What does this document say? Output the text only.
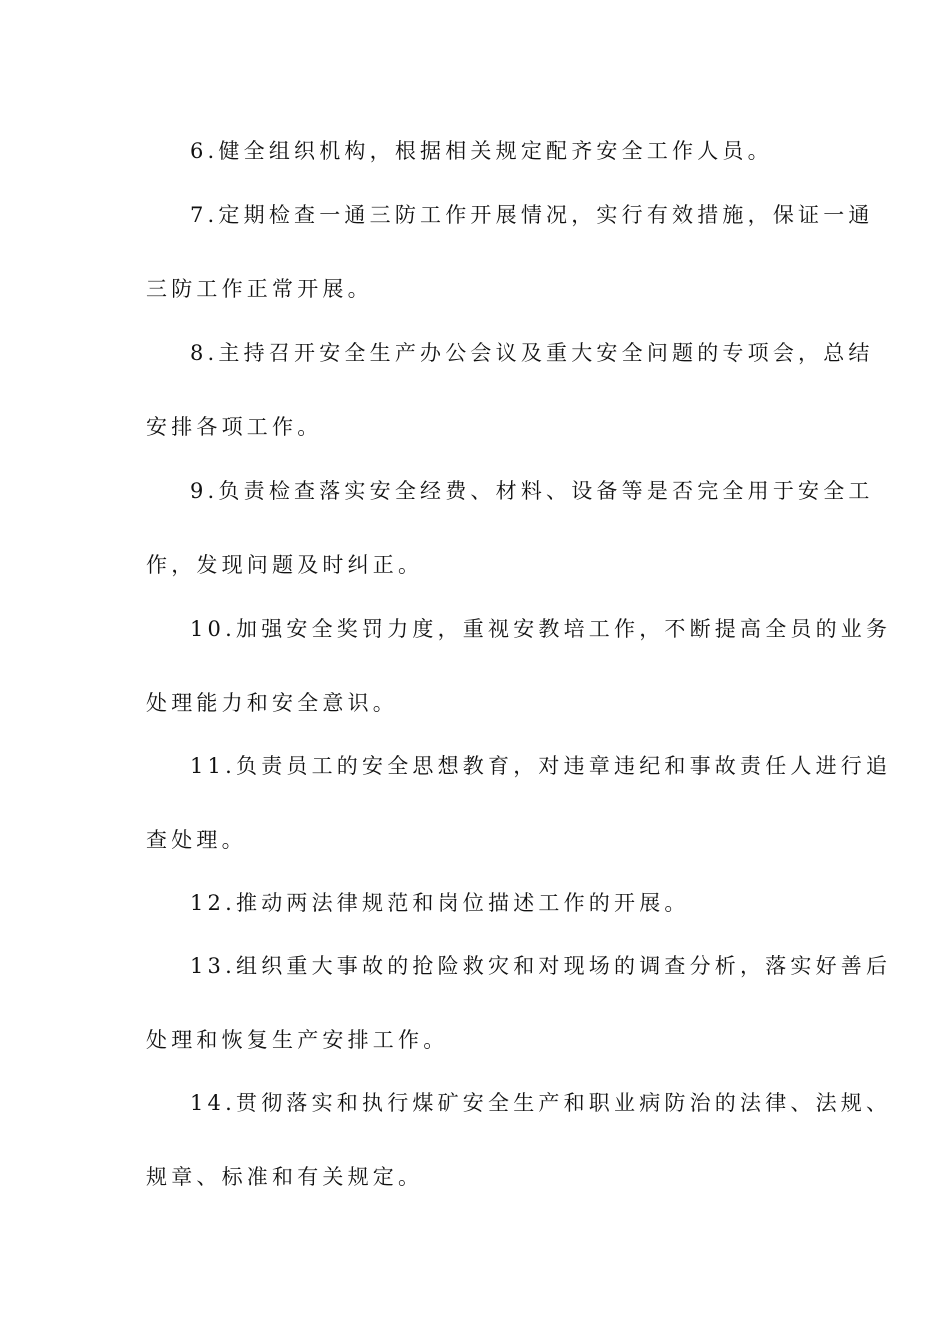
6.健全组织机构，根据相关规定配齐安全工作人员。
7.定期检查一通三防工作开展情况，实行有效措施，保证一通
三防工作正常开展。
8.主持召开安全生产办公会议及重大安全问题的专项会，总结
安排各项工作。
9.负责检查落实安全经费、材料、设备等是否完全用于安全工
作，发现问题及时纠正。
10.加强安全奖罚力度，重视安教培工作，不断提高全员的业务
处理能力和安全意识。
11.负责员工的安全思想教育，对违章违纪和事故责任人进行追
查处理。
12.推动两法律规范和岗位描述工作的开展。
13.组织重大事故的抢险救灾和对现场的调查分析，落实好善后
处理和恢复生产安排工作。
14.贯彻落实和执行煤矿安全生产和职业病防治的法律、法规、
规章、标准和有关规定。
